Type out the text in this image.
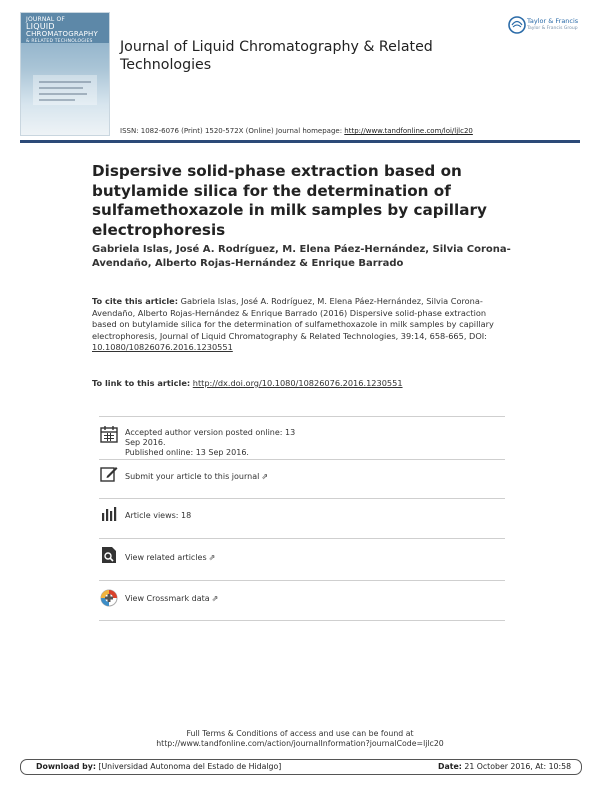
JOURNAL OF
LIQUID
CHROMATOGRAPHY
& RELATED TECHNOLOGIES Journal of Liquid Chromatography & Related Technologies
Taylor & Francis
Taylor & Francis Group
ISSN: 1082-6076 (Print) 1520-572X (Online) Journal homepage: http://www.tandfonline.com/loi/ljlc20
Dispersive solid-phase extraction based on butylamide silica for the determination of sulfamethoxazole in milk samples by capillary electrophoresis
Gabriela Islas, José A. Rodríguez, M. Elena Páez-Hernández, Silvia Corona-Avendaño, Alberto Rojas-Hernández & Enrique Barrado
To cite this article: Gabriela Islas, José A. Rodríguez, M. Elena Páez-Hernández, Silvia Corona-Avendaño, Alberto Rojas-Hernández & Enrique Barrado (2016) Dispersive solid-phase extraction based on butylamide silica for the determination of sulfamethoxazole in milk samples by capillary electrophoresis, Journal of Liquid Chromatography & Related Technologies, 39:14, 658-665, DOI: 10.1080/10826076.2016.1230551
To link to this article: http://dx.doi.org/10.1080/10826076.2016.1230551
Accepted author version posted online: 13
Sep 2016.
Published online: 13 Sep 2016.
Submit your article to this journal ⇗
Article views: 18
View related articles ⇗
View Crossmark data ⇗
Full Terms & Conditions of access and use can be found at
http://www.tandfonline.com/action/journalInformation?journalCode=ljlc20
Download by: [Universidad Autonoma del Estado de Hidalgo]	Date: 21 October 2016, At: 10:58
